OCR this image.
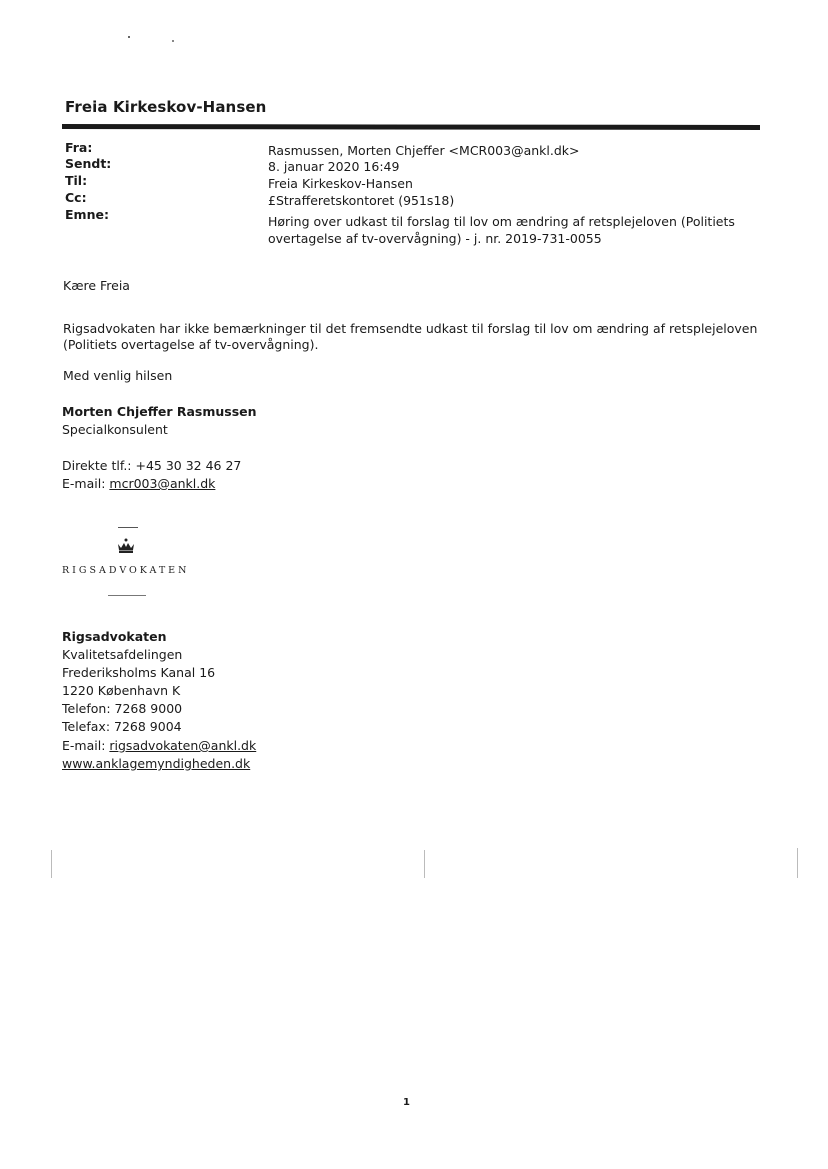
Freia Kirkeskov-Hansen
Fra:
Sendt:
Til:
Cc:
Emne:
Rasmussen, Morten Chjeffer <MCR003@ankl.dk>
8. januar 2020 16:49
Freia Kirkeskov-Hansen
£Strafferetskontoret (951s18)
Høring over udkast til forslag til lov om ændring af retsplejeloven (Politiets
overtagelse af tv-overvågning) - j. nr. 2019-731-0055
Kære Freia
Rigsadvokaten har ikke bemærkninger til det fremsendte udkast til forslag til lov om ændring af retsplejeloven
(Politiets overtagelse af tv-overvågning).
Med venlig hilsen
Morten Chjeffer Rasmussen
Specialkonsulent
Direkte tlf.: +45 30 32 46 27
E-mail: mcr003@ankl.dk
RIGSADVOKATEN
Rigsadvokaten
Kvalitetsafdelingen
Frederiksholms Kanal 16
1220 København K
Telefon: 7268 9000
Telefax: 7268 9004
E-mail: rigsadvokaten@ankl.dk
www.anklagemyndigheden.dk
1
